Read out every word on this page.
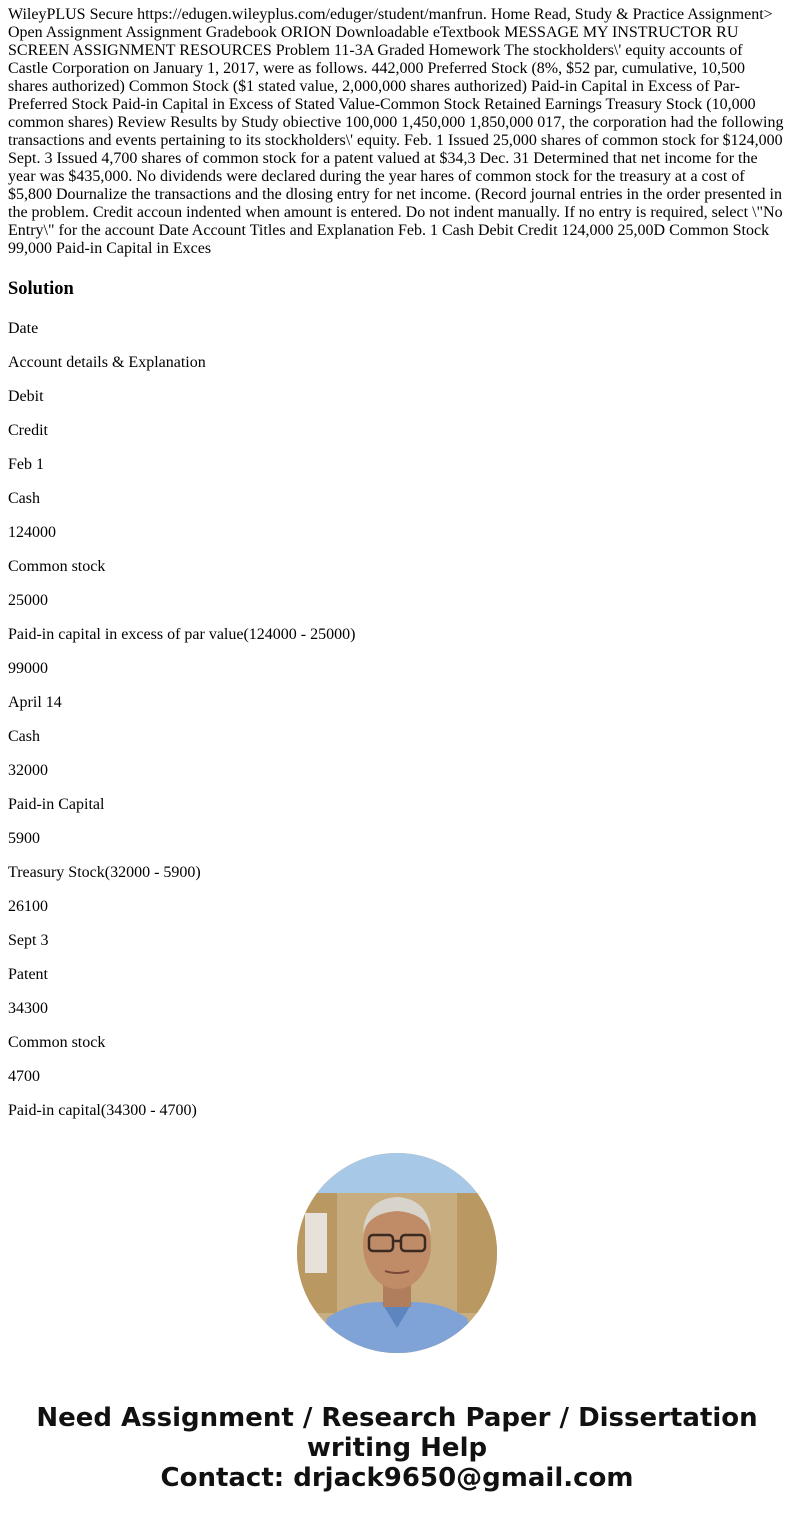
WileyPLUS Secure https://edugen.wileyplus.com/eduger/student/manfrun. Home Read, Study & Practice Assignment> Open Assignment Assignment Gradebook ORION Downloadable eTextbook MESSAGE MY INSTRUCTOR RU SCREEN ASSIGNMENT RESOURCES Problem 11-3A Graded Homework The stockholders\' equity accounts of Castle Corporation on January 1, 2017, were as follows. 442,000 Preferred Stock (8%, $52 par, cumulative, 10,500 shares authorized) Common Stock ($1 stated value, 2,000,000 shares authorized) Paid-in Capital in Excess of Par-Preferred Stock Paid-in Capital in Excess of Stated Value-Common Stock Retained Earnings Treasury Stock (10,000 common shares) Review Results by Study obiective 100,000 1,450,000 1,850,000 017, the corporation had the following transactions and events pertaining to its stockholders\' equity. Feb. 1 Issued 25,000 shares of common stock for $124,000 Sept. 3 Issued 4,700 shares of common stock for a patent valued at $34,3 Dec. 31 Determined that net income for the year was $435,000. No dividends were declared during the year hares of common stock for the treasury at a cost of $5,800 Dournalize the transactions and the dlosing entry for net income. (Record journal entries in the order presented in the problem. Credit accoun indented when amount is entered. Do not indent manually. If no entry is required, select \"No Entry\" for the account Date Account Titles and Explanation Feb. 1 Cash Debit Credit 124,000 25,00D Common Stock 99,000 Paid-in Capital in Exces

Solution

Date

Account details & Explanation

Debit

Credit

Feb 1

Cash

124000

Common stock

25000

Paid-in capital in excess of par value(124000 - 25000)

99000

April 14

Cash

32000

Paid-in Capital

5900

Treasury Stock(32000 - 5900)

26100

Sept 3

Patent

34300

Common stock

4700

Paid-in capital(34300 - 4700)

Need Assignment / Research Paper / Dissertation
writing Help
Contact: drjack9650@gmail.com
